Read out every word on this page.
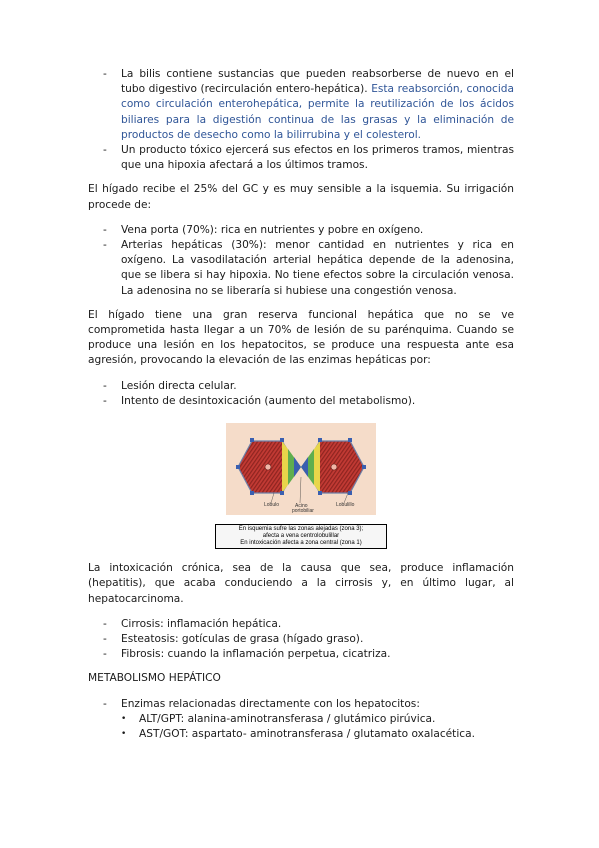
-	La bilis contiene sustancias que pueden reabsorberse de nuevo en el tubo digestivo (recirculación entero-hepática). Esta reabsorción, conocida como circulación enterohepática, permite la reutilización de los ácidos biliares para la digestión continua de las grasas y la eliminación de productos de desecho como la bilirrubina y el colesterol.
-	Un producto tóxico ejercerá sus efectos en los primeros tramos, mientras que una hipoxia afectará a los últimos tramos.
El hígado recibe el 25% del GC y es muy sensible a la isquemia. Su irrigación procede de:
-	Vena porta (70%): rica en nutrientes y pobre en oxígeno.
-	Arterias hepáticas (30%): menor cantidad en nutrientes y rica en oxígeno. La vasodilatación arterial hepática depende de la adenosina, que se libera si hay hipoxia. No tiene efectos sobre la circulación venosa. La adenosina no se liberaría si hubiese una congestión venosa.
El hígado tiene una gran reserva funcional hepática que no se ve comprometida hasta llegar a un 70% de lesión de su parénquima. Cuando se produce una lesión en los hepatocitos, se produce una respuesta ante esa agresión, provocando la elevación de las enzimas hepáticas por:
-	Lesión directa celular.
-	Intento de desintoxicación (aumento del metabolismo).
Lobulo	Acino
portobiliar
Lobulillo
En isquemia sufre las zonas alejadas (zona 3);
afecta a vena centrolobulillar
En intoxicación afecta a zona central (zona 1)
La intoxicación crónica, sea de la causa que sea, produce inflamación (hepatitis), que acaba conduciendo a la cirrosis y, en último lugar, al hepatocarcinoma.
-	Cirrosis: inflamación hepática.
-	Esteatosis: gotículas de grasa (hígado graso).
-	Fibrosis: cuando la inflamación perpetua, cicatriza.
METABOLISMO HEPÁTICO
-	Enzimas relacionadas directamente con los hepatocitos:
•	ALT/GPT: alanina-aminotransferasa / glutámico pirúvica.
•	AST/GOT: aspartato- aminotransferasa / glutamato oxalacética.
